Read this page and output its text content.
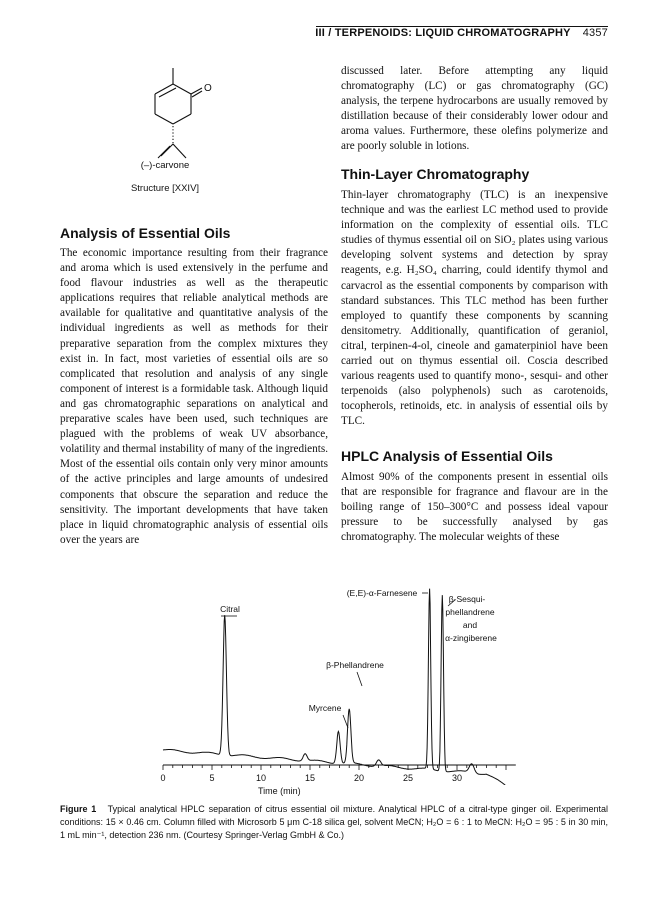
III / TERPENOIDS: LIQUID CHROMATOGRAPHY 4357
O
(–)-carvone
Structure [XXIV]
Analysis of Essential Oils
The economic importance resulting from their fragrance and aroma which is used extensively in the perfume and food flavour industries as well as the therapeutic applications requires that reliable analytical methods are available for qualitative and quantitative analysis of the individual ingredients as well as methods for their preparative separation from the complex mixtures they exist in. In fact, most varieties of essential oils are so complicated that resolution and analysis of any single component of interest is a formidable task. Although liquid and gas chromatographic separations on analytical and preparative scales have been used, such techniques are plagued with the problems of weak UV absorbance, volatility and thermal instability of many of the ingredients. Most of the essential oils contain only very minor amounts of the active principles and large amounts of undesired components that obscure the separation and reduce the sensitivity. The important developments that have taken place in liquid chromatographic analysis of essential oils over the years are
discussed later. Before attempting any liquid chromatography (LC) or gas chromatography (GC) analysis, the terpene hydrocarbons are usually removed by distillation because of their considerably lower odour and aroma values. Furthermore, these olefins polymerize and are poorly soluble in lotions.
Thin-Layer Chromatography
Thin-layer chromatography (TLC) is an inexpensive technique and was the earliest LC method used to provide information on the complexity of essential oils. TLC studies of thymus essential oil on SiO₂ plates using various developing solvent systems and detection by spray reagents, e.g. H₂SO₄ charring, could identify thymol and carvacrol as the essential components by comparison with standard substances. This TLC method has been further employed to quantify these components by scanning densitometry. Additionally, quantification of geraniol, citral, terpinen-4-ol, cineole and gamaterpiniol have been carried out on thymus essential oil. Coscia described various reagents used to quantify mono-, sesqui- and other terpenoids (also polyphenols) such as carotenoids, tocopherols, retinoids, etc. in analysis of essential oils by TLC.
HPLC Analysis of Essential Oils
Almost 90% of the components present in essential oils that are responsible for fragrance and flavour are in the boiling range of 150–300°C and possess ideal vapour pressure to be successfully analysed by gas chromatography. The molecular weights of these
0	5	10	15	20	25	30
Citral
Myrcene
β-Phellandrene
(E,E)-α-Farnesene
β-Sesqui-
phellandrene
and
α-zingiberene
Time (min)
Figure 1 Typical analytical HPLC separation of citrus essential oil mixture. Analytical HPLC of a citral-type ginger oil. Experimental conditions: 15 × 0.46 cm. Column filled with Microsorb 5 μm C-18 silica gel, solvent MeCN; H₂O = 6 : 1 to MeCN: H₂O = 95 : 5 in 30 min, 1 mL min⁻¹, detection 236 nm. (Courtesy Springer-Verlag GmbH & Co.)
